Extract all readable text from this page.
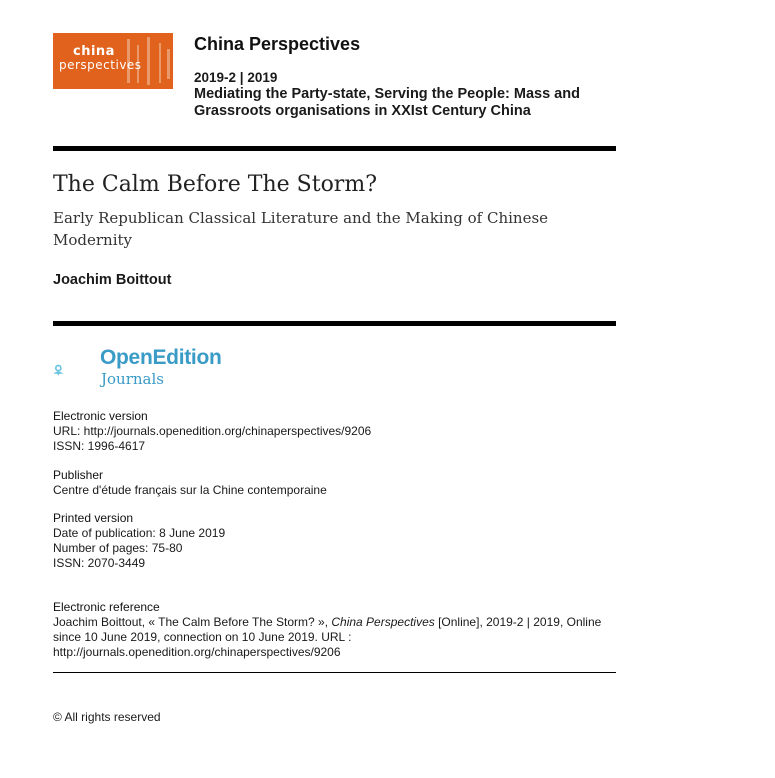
china
perspectives
China Perspectives
2019-2 | 2019
Mediating the Party-state, Serving the People: Mass and Grassroots organisations in XXIst Century China
The Calm Before The Storm?
Early Republican Classical Literature and the Making of Chinese Modernity
Joachim Boittout
OpenEdition
Journals
Electronic version
URL: http://journals.openedition.org/chinaperspectives/9206
ISSN: 1996-4617
Publisher
Centre d'étude français sur la Chine contemporaine
Printed version
Date of publication: 8 June 2019
Number of pages: 75-80
ISSN: 2070-3449
Electronic reference
Joachim Boittout, « The Calm Before The Storm? », China Perspectives [Online], 2019-2 | 2019, Online since 10 June 2019, connection on 10 June 2019. URL : http://journals.openedition.org/chinaperspectives/9206
© All rights reserved
